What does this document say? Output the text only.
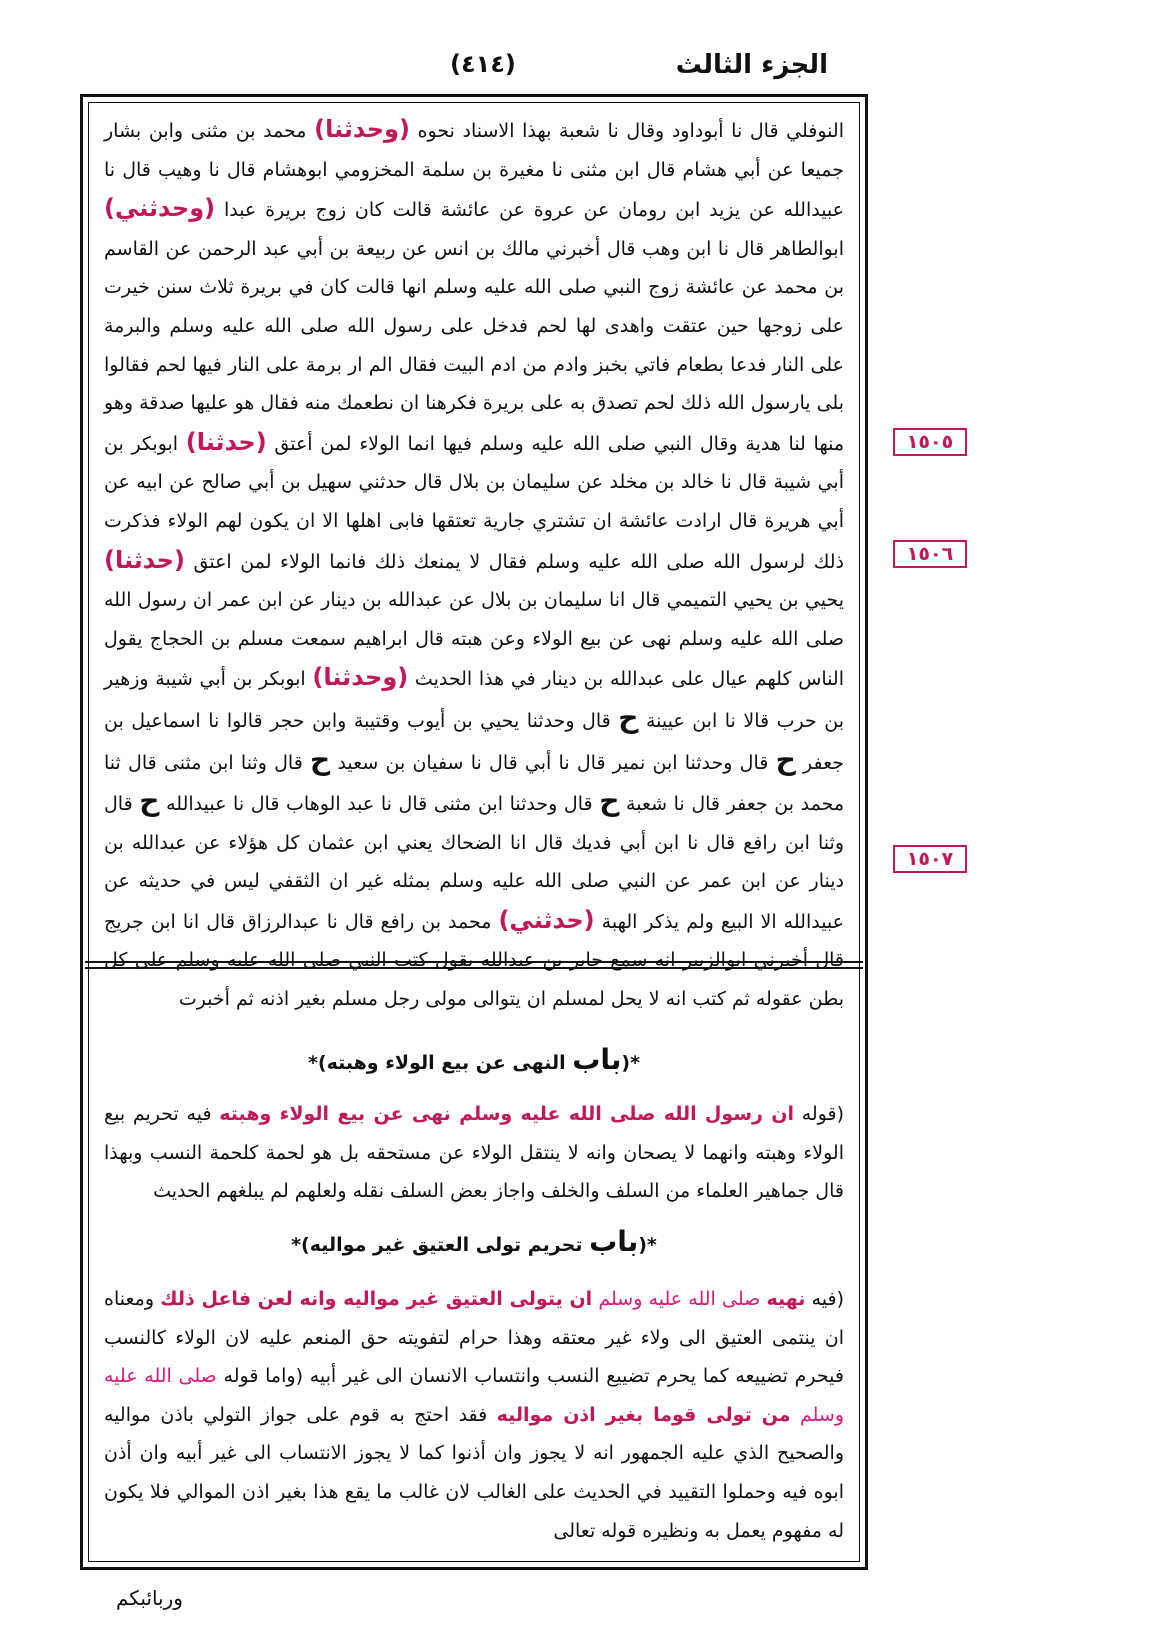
الجزء الثالث
(٤١٤)
١٥٠٥
١٥٠٦
١٥٠٧
النوفلي قال نا أبوداود وقال نا شعبة بهذا الاسناد نحوه (وحدثنا) محمد بن مثنى وابن بشار جميعا عن أبي هشام قال ابن مثنى نا مغيرة بن سلمة المخزومي ابوهشام قال نا وهيب قال نا عبيدالله عن يزيد ابن رومان عن عروة عن عائشة قالت كان زوج بريرة عبدا (وحدثني) ابوالطاهر قال نا ابن وهب قال أخبرني مالك بن انس عن ربيعة بن أبي عبد الرحمن عن القاسم بن محمد عن عائشة زوج النبي صلى الله عليه وسلم انها قالت كان في بريرة ثلاث سنن خيرت على زوجها حين عتقت واهدى لها لحم فدخل على رسول الله صلى الله عليه وسلم والبرمة على النار فدعا بطعام فاتي بخبز وادم من ادم البيت فقال الم ار برمة على النار فيها لحم فقالوا بلى يارسول الله ذلك لحم تصدق به على بريرة فكرهنا ان نطعمك منه فقال هو عليها صدقة وهو منها لنا هدية وقال النبي صلى الله عليه وسلم فيها انما الولاء لمن أعتق (حدثنا) ابوبكر بن أبي شيبة قال نا خالد بن مخلد عن سليمان بن بلال قال حدثني سهيل بن أبي صالح عن ابيه عن أبي هريرة قال ارادت عائشة ان تشتري جارية تعتقها فابى اهلها الا ان يكون لهم الولاء فذكرت ذلك لرسول الله صلى الله عليه وسلم فقال لا يمنعك ذلك فانما الولاء لمن اعتق (حدثنا) يحيي بن يحيي التميمي قال انا سليمان بن بلال عن عبدالله بن دينار عن ابن عمر ان رسول الله صلى الله عليه وسلم نهى عن بيع الولاء وعن هبته قال ابراهيم سمعت مسلم بن الحجاج يقول الناس كلهم عيال على عبدالله بن دينار في هذا الحديث (وحدثنا) ابوبكر بن أبي شيبة وزهير بن حرب قالا نا ابن عيينة ح قال وحدثنا يحيي بن أيوب وقتيبة وابن حجر قالوا نا اسماعيل بن جعفر ح قال وحدثنا ابن نمير قال نا أبي قال نا سفيان بن سعيد ح قال وثنا ابن مثنى قال ثنا محمد بن جعفر قال نا شعبة ح قال وحدثنا ابن مثنى قال نا عبد الوهاب قال نا عبيدالله ح قال وثنا ابن رافع قال نا ابن أبي فديك قال انا الضحاك يعني ابن عثمان كل هؤلاء عن عبدالله بن دينار عن ابن عمر عن النبي صلى الله عليه وسلم بمثله غير ان الثقفي ليس في حديثه عن عبيدالله الا البيع ولم يذكر الهبة (حدثني) محمد بن رافع قال نا عبدالرزاق قال انا ابن جريج قال أخبرني ابوالزبير انه سمع جابر بن عبدالله يقول كتب النبي صلى الله عليه وسلم على كل بطن عقوله ثم كتب انه لا يحل لمسلم ان يتوالى مولى رجل مسلم بغير اذنه ثم أخبرت
*(باب النهى عن بيع الولاء وهبته)*
(قوله ان رسول الله صلى الله عليه وسلم نهى عن بيع الولاء وهبته فيه تحريم بيع الولاء وهبته وانهما لا يصحان وانه لا ينتقل الولاء عن مستحقه بل هو لحمة كلحمة النسب وبهذا قال جماهير العلماء من السلف والخلف واجاز بعض السلف نقله ولعلهم لم يبلغهم الحديث
*(باب تحريم تولى العتيق غير مواليه)*
(فيه نهيه صلى الله عليه وسلم ان يتولى العتيق غير مواليه وانه لعن فاعل ذلك ومعناه ان ينتمى العتيق الى ولاء غير معتقه وهذا حرام لتفويته حق المنعم عليه لان الولاء كالنسب فيحرم تضييعه كما يحرم تضييع النسب وانتساب الانسان الى غير أبيه (واما قوله صلى الله عليه وسلم من تولى قوما بغير اذن مواليه فقد احتج به قوم على جواز التولي باذن مواليه والصحيح الذي عليه الجمهور انه لا يجوز وان أذنوا كما لا يجوز الانتساب الى غير أبيه وان أذن ابوه فيه وحملوا التقييد في الحديث على الغالب لان غالب ما يقع هذا بغير اذن الموالي فلا يكون له مفهوم يعمل به ونظيره قوله تعالى
وربائبكم
